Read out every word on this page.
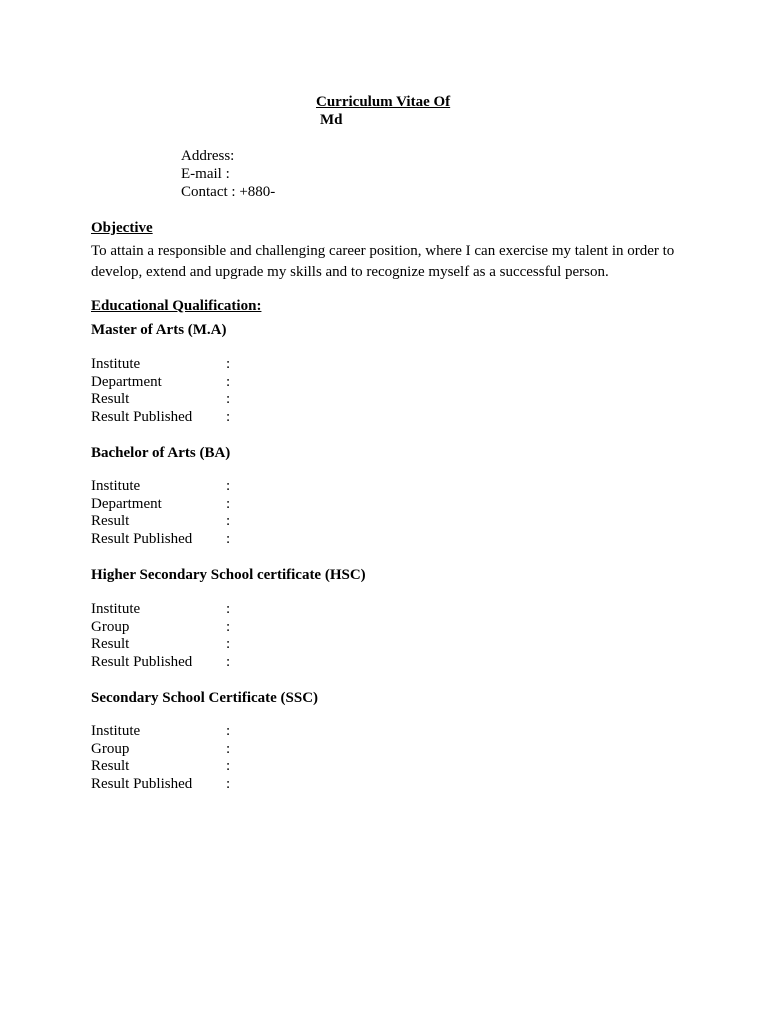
Curriculum Vitae Of
Md
Address:
E-mail :
Contact : +880-
Objective
To attain a responsible and challenging career position, where I can exercise my talent in order to develop, extend and upgrade my skills and to recognize myself as a successful person.
Educational Qualification:
Master of Arts (M.A)
Institute	:
Department	:
Result	:
Result Published :
Bachelor of Arts (BA)
Institute	:
Department	:
Result	:
Result Published :
Higher Secondary School certificate (HSC)
Institute	:
Group	:
Result	:
Result Published :
Secondary School Certificate (SSC)
Institute	:
Group	:
Result	:
Result Published :
